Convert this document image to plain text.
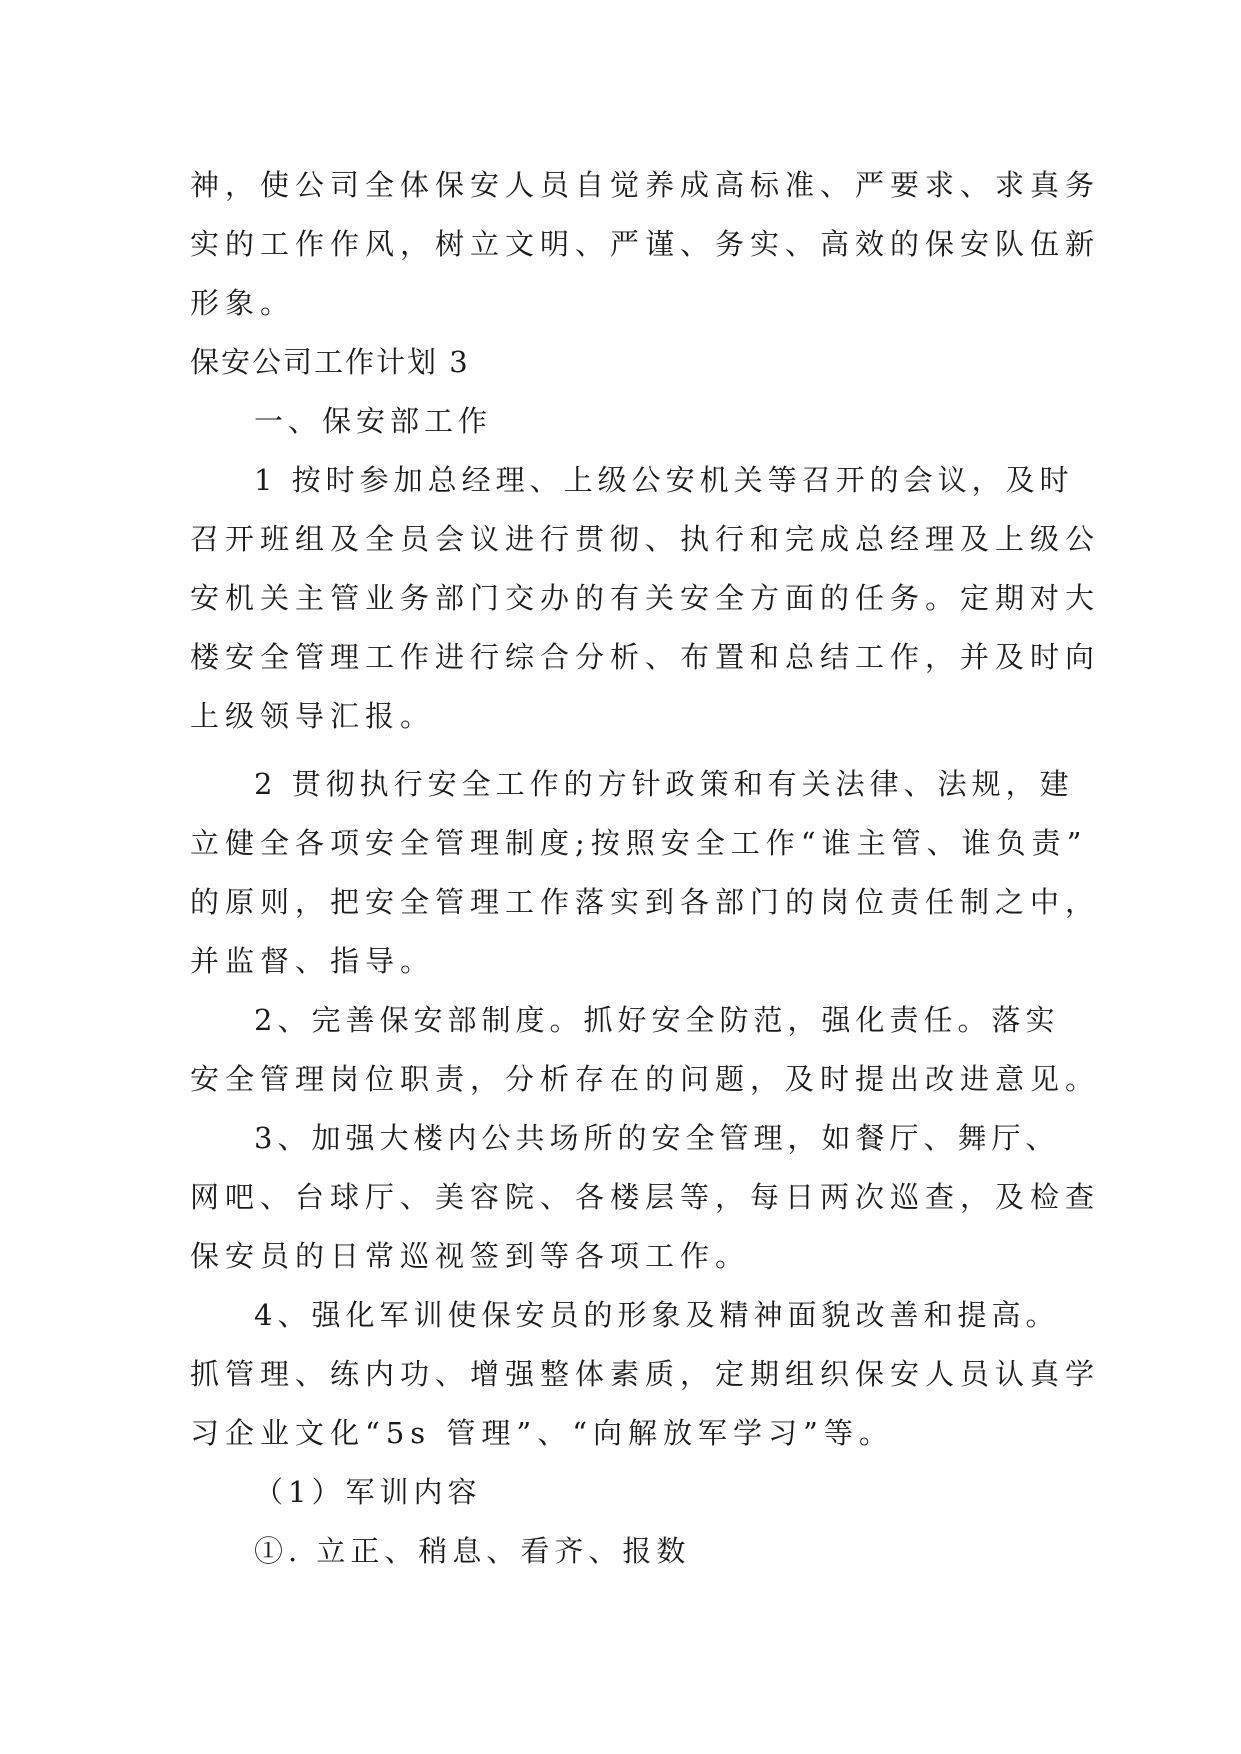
神，使公司全体保安人员自觉养成高标准、严要求、求真务
实的工作作风，树立文明、严谨、务实、高效的保安队伍新
形象。
保安公司工作计划 3
一、保安部工作
1 按时参加总经理、上级公安机关等召开的会议，及时
召开班组及全员会议进行贯彻、执行和完成总经理及上级公
安机关主管业务部门交办的有关安全方面的任务。定期对大
楼安全管理工作进行综合分析、布置和总结工作，并及时向
上级领导汇报。
2 贯彻执行安全工作的方针政策和有关法律、法规，建
立健全各项安全管理制度;按照安全工作“谁主管、谁负责”
的原则，把安全管理工作落实到各部门的岗位责任制之中，
并监督、指导。
2、完善保安部制度。抓好安全防范，强化责任。落实
安全管理岗位职责，分析存在的问题，及时提出改进意见。
3、加强大楼内公共场所的安全管理，如餐厅、舞厅、
网吧、台球厅、美容院、各楼层等，每日两次巡查，及检查
保安员的日常巡视签到等各项工作。
4、强化军训使保安员的形象及精神面貌改善和提高。
抓管理、练内功、增强整体素质，定期组织保安人员认真学
习企业文化“5s 管理”、“向解放军学习”等。
（1）军训内容
①. 立正、稍息、看齐、报数
